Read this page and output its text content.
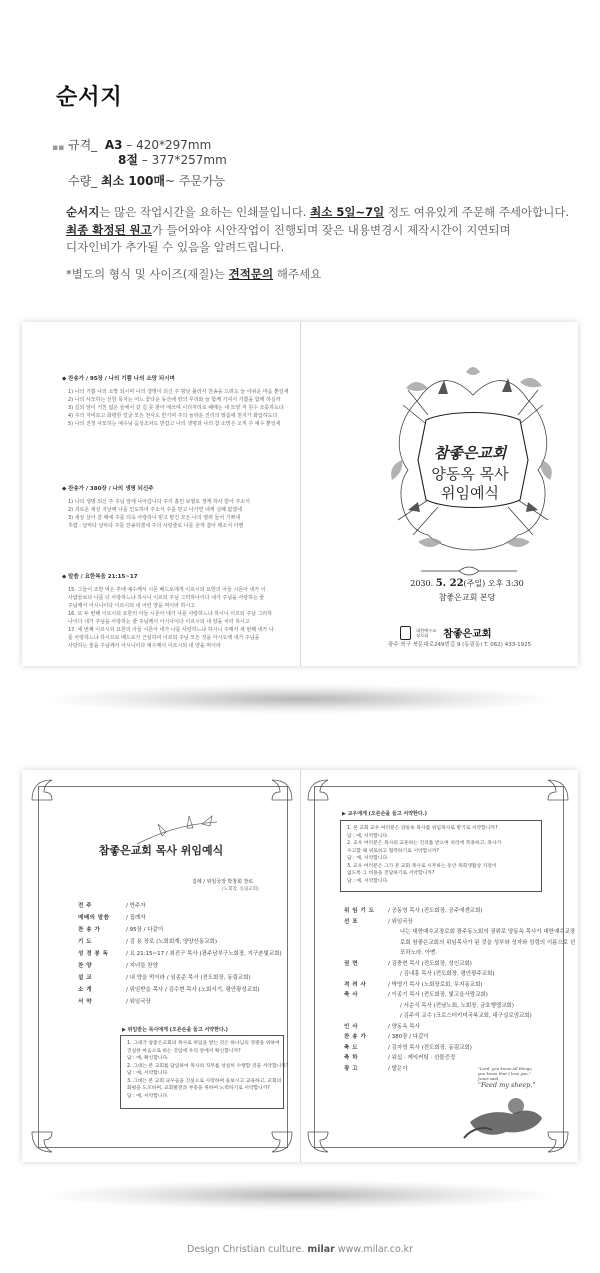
순서지
▪▪ 규격_ A3 – 420*297mm
8절 – 377*257mm
수량_ 최소 100매~ 주문가능
순서지는 많은 작업시간을 요하는 인쇄물입니다. 최소 5일~7일 정도 여유있게 주문해 주세아합니다.
최종 확정된 원고가 들어와야 시안작업이 진행되며 잦은 내용변경시 제작시간이 지연되며
디자인비가 추가될 수 있음을 알려드립니다.
*별도의 형식 및 사이즈(재질)는 견적문의 해주세요
◆ 찬송가 / 95장 / 나의 기쁨 나의 소망 되시며
1) 나의 기쁨 나의 소망 되시며 나의 생명이 되신 주 밤낮 불러서 찬송을 드려도 늘 아쉬운 마음 뿐일세
2) 나의 사모하는 선한 목자는 어느 꽃다운 동산에 양의 무리와 늘 함께 가셔서 기쁨을 함께 하실까
3) 길되 앞이 거친 넓은 들에서 갈 길 못 찾아 애쓰며 이리저리로 헤매는 내 모양 저 원수 조롱하도다
4) 주의 자비로고 화평한 얼굴 모든 천사도 반기며 주의 놀라운 진리의 말씀에 천지가 화답하도다
5) 나의 진정 사모하는 예수님 음성조차도 반갑고 나의 생명과 나의 참 소망은 오직 주 예수 뿐일세
◆ 찬송가 / 380장 / 나의 생명 되신주
1) 나의 생명 되신 주 주님 앞에 나아갑니다 주의 흘린 보혈로 정케 하사 받아 주소서
2) 괴로운 세상 지날때 나를 인도하여 주소서 주를 믿고 나가면 내게 실패 없겠네
3) 세상 살아 갈 때에 주를 더욱 사랑하니 믿고 맡긴 모든 나의 염려 들어 기쁘네
후렴 : 날마다 날마다 주를 찬송하겠네 주의 사랑줄로 나를 굳게 잡아 매소서 아멘
◆ 말씀 / 요한복음 21:15~17
15. 그들이 조반 먹은 후에 예수께서 시몬 베드로에게 이르시되 요한의 아들 시몬아 네가 이
사람들보다 나를 더 사랑하느냐 하시니 이르되 주님 그러하나이다 내가 주님을 사랑하는 줄
주님께서 아시나이다 이르시되 내 어린 양을 먹이라 하시고
16. 또 두 번째 이르시되 요한의 아들 시몬아 네가 나를 사랑하느냐 하시니 이르되 주님 그러하
나이다 내가 주님을 사랑하는 줄 주님께서 아시나이다 이르시되 내 양을 치라 하시고
17. 세 번째 이르시되 요한의 아들 시몬아 네가 나를 사랑하느냐 하시니 주께서 세 번째 네가 나
를 사랑하느냐 하시므로 베드로가 근심하여 이르되 주님 모든 것을 아시오매 내가 주님을
사랑하는 줄을 주님께서 아시나이다 예수께서 이르시되 내 양을 먹이라
참좋은교회
양동옥 목사
위임예식
2030. 5. 22(주일) 오후 3:30
참좋은교회 본당
대한예수교장로회 참좋은교회
광주 북구 북문대로249번길 9 (동림동) T. 062) 433-1925
참좋은교회 목사 위임예식
집례 / 위임국장 박창회 장로
(노회장, 동림교회)
전 주	/ 반주자
예배의 말씀	/ 집례자
찬 송 가	/ 95장 / 다같이
기 도	/ 김 용 장로 (노회회계, 양양산동교회)
성 경 봉 독	/ 요 21:15~17 / 최진구 목사 (광주남부구노회장, 지구촌빛교회)
찬 양	/ 지녀들 찬양
설 교	/ 내 양을 먹이라 / 임종준 목사 (전도회장, 동림교회)
소 개	/ 위임받을 목사 / 김수현 목사 (노회서기, 평안광성교회)
서 약	/ 위임국장
▶ 위임받는 목사에게 (오른손을 들고 서약한다.)
1. 그대가 참좋은교회의 목사로 위임을 받는 것은 하나님의 영광을 위하여
진실한 마음으로 하는 것임에 우리 앞에서 확신합니까?
답 : 예, 확신합니다.
2. 그대는 본 교회를 담임하여 목사의 직무를 성실히 수행할 것을 서약합니까?
답 : 예, 서약합니다.
3. 그대는 본 교회 교우들을 진실으로 사랑하며 돌보시고 교육하고, 교회의
화평을 도모하며, 교회발전과 부흥을 위하여 노력하기로 서약합니까?
답 : 예, 서약합니다.
▶ 교우에게 (오른손을 들고 서약한다.)
1. 본 교회 교우 여러분은 양동옥 목사를 위임목사로 받기로 서약합니까?
답 : 예, 서약합니다.
2. 교우 여러분은 목사의 교훈하는 진리를 받으며 치리에 복종하고, 목사가
수고할 때 위로하고 협력하기로 서약합니까?
답 : 예, 서약합니다.
3. 교우 여러분은 그가 본 교회 목사로 시무하는 동안 목회생활상 지장이
없도록 그 비용을 전담하기로 서약합니까?
답 : 예, 서약합니다.
위 임 기 도 / 공동영 목사 (전도회장, 공주에센교회)
선 포	/ 위임국장
나는 대한예수교장로회 광주동노회의 권위로 양동옥 목사가 대한예수교장
로회 참좋은교회의 위임목사가 된 것을 성부와 성자와 성령의 이름으로 선
포하노라. 아멘.
권 면	/ 김충현 목사 (전도회장, 성인교회)
/ 김내홍 목사 (전도회장, 평안광주교회)
격 려 사	/ 박영기 목사 (노회장로회, 무지동교회)
축 사	/ 이종기 목사 (전도회장, 빛고을사랑교회)
/ 서순식 목사 (전남노회, 노회장, 금호행엘교회)
/ 김주석 교수 (크로스터키미국복교회, 대구실로엄교회)
인 사	/ 양동옥 목사
찬 송 가	/ 380장 / 다같이
축 도	/ 김자영 목사 (전도회장, 동림교회)
축 하	/ 워십 · 케익커팅 · 선물증정
광 고	/ 발은이	"Lord, you know all things;
you know that I love you."
Jesus said,
"Feed my sheep."
Design Christian culture. milar www.milar.co.kr
